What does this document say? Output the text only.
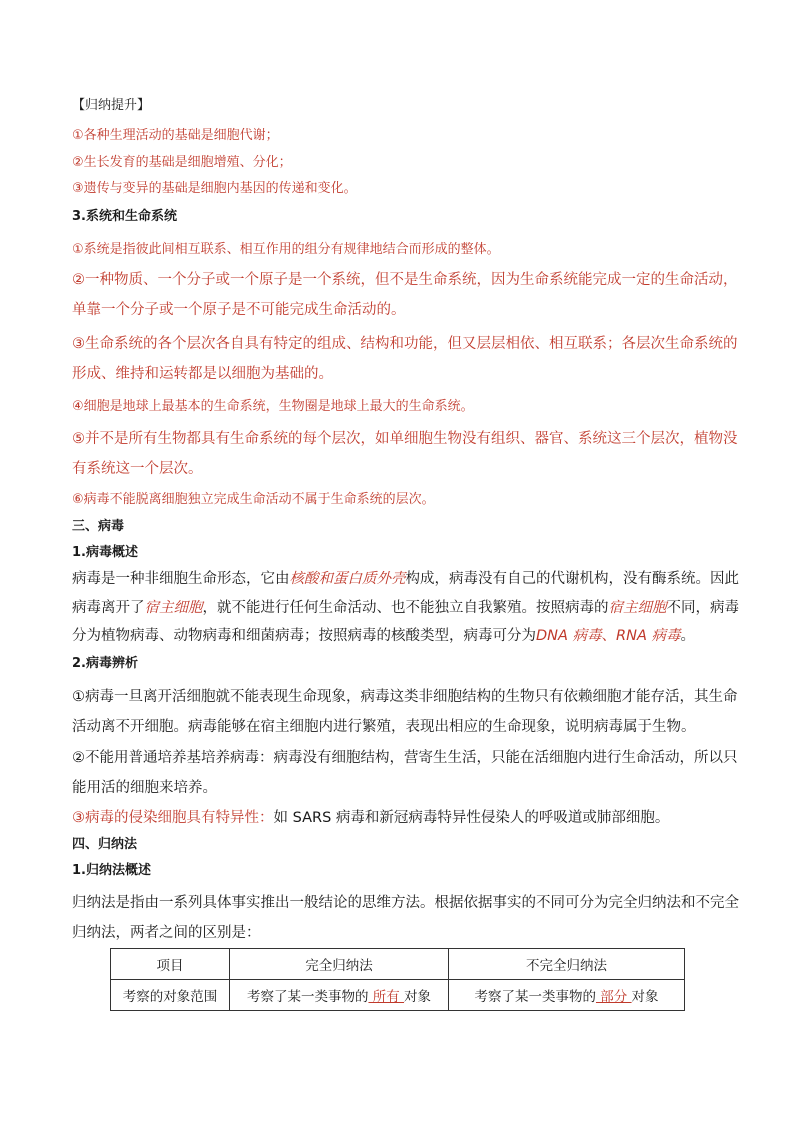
【归纳提升】

①各种生理活动的基础是细胞代谢；

②生长发育的基础是细胞增殖、分化；

③遗传与变异的基础是细胞内基因的传递和变化。

3.系统和生命系统

①系统是指彼此间相互联系、相互作用的组分有规律地结合而形成的整体。

②一种物质、一个分子或一个原子是一个系统，但不是生命系统，因为生命系统能完成一定的生命活动，

单靠一个分子或一个原子是不可能完成生命活动的。

③生命系统的各个层次各自具有特定的组成、结构和功能，但又层层相依、相互联系；各层次生命系统的

形成、维持和运转都是以细胞为基础的。

④细胞是地球上最基本的生命系统，生物圈是地球上最大的生命系统。

⑤并不是所有生物都具有生命系统的每个层次，如单细胞生物没有组织、器官、系统这三个层次，植物没

有系统这一个层次。

⑥病毒不能脱离细胞独立完成生命活动不属于生命系统的层次。

三、病毒

1.病毒概述

病毒是一种非细胞生命形态，它由核酸和蛋白质外壳构成，病毒没有自己的代谢机构，没有酶系统。因此

病毒离开了宿主细胞，就不能进行任何生命活动、也不能独立自我繁殖。按照病毒的宿主细胞不同，病毒

分为植物病毒、动物病毒和细菌病毒；按照病毒的核酸类型，病毒可分为DNA 病毒、RNA 病毒。

2.病毒辨析

①病毒一旦离开活细胞就不能表现生命现象，病毒这类非细胞结构的生物只有依赖细胞才能存活，其生命

活动离不开细胞。病毒能够在宿主细胞内进行繁殖，表现出相应的生命现象，说明病毒属于生物。

②不能用普通培养基培养病毒：病毒没有细胞结构，营寄生生活，只能在活细胞内进行生命活动，所以只

能用活的细胞来培养。

③病毒的侵染细胞具有特异性：如 SARS 病毒和新冠病毒特异性侵染人的呼吸道或肺部细胞。

四、归纳法

1.归纳法概述

归纳法是指由一系列具体事实推出一般结论的思维方法。根据依据事实的不同可分为完全归纳法和不完全

归纳法，两者之间的区别是：

项目	完全归纳法	不完全归纳法
考察的对象范围	考察了某一类事物的 所有 对象	考察了某一类事物的 部分 对象
